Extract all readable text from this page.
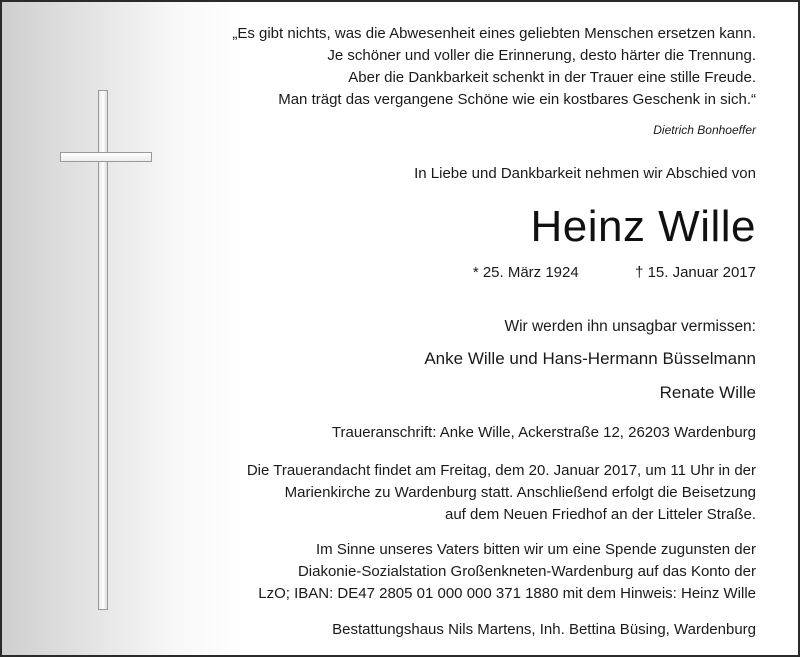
„Es gibt nichts, was die Abwesenheit eines geliebten Menschen ersetzen kann.
Je schöner und voller die Erinnerung, desto härter die Trennung.
Aber die Dankbarkeit schenkt in der Trauer eine stille Freude.
Man trägt das vergangene Schöne wie ein kostbares Geschenk in sich.“
Dietrich Bonhoeffer
In Liebe und Dankbarkeit nehmen wir Abschied von
Heinz Wille
* 25. März 1924	† 15. Januar 2017
Wir werden ihn unsagbar vermissen:
Anke Wille und Hans-Hermann Büsselmann
Renate Wille
Traueranschrift: Anke Wille, Ackerstraße 12, 26203 Wardenburg
Die Trauerandacht findet am Freitag, dem 20. Januar 2017, um 11 Uhr in der
Marienkirche zu Wardenburg statt. Anschließend erfolgt die Beisetzung
auf dem Neuen Friedhof an der Litteler Straße.
Im Sinne unseres Vaters bitten wir um eine Spende zugunsten der
Diakonie-Sozialstation Großenkneten-Wardenburg auf das Konto der
LzO; IBAN: DE47 2805 01 000 000 371 1880 mit dem Hinweis: Heinz Wille
Bestattungshaus Nils Martens, Inh. Bettina Büsing, Wardenburg
